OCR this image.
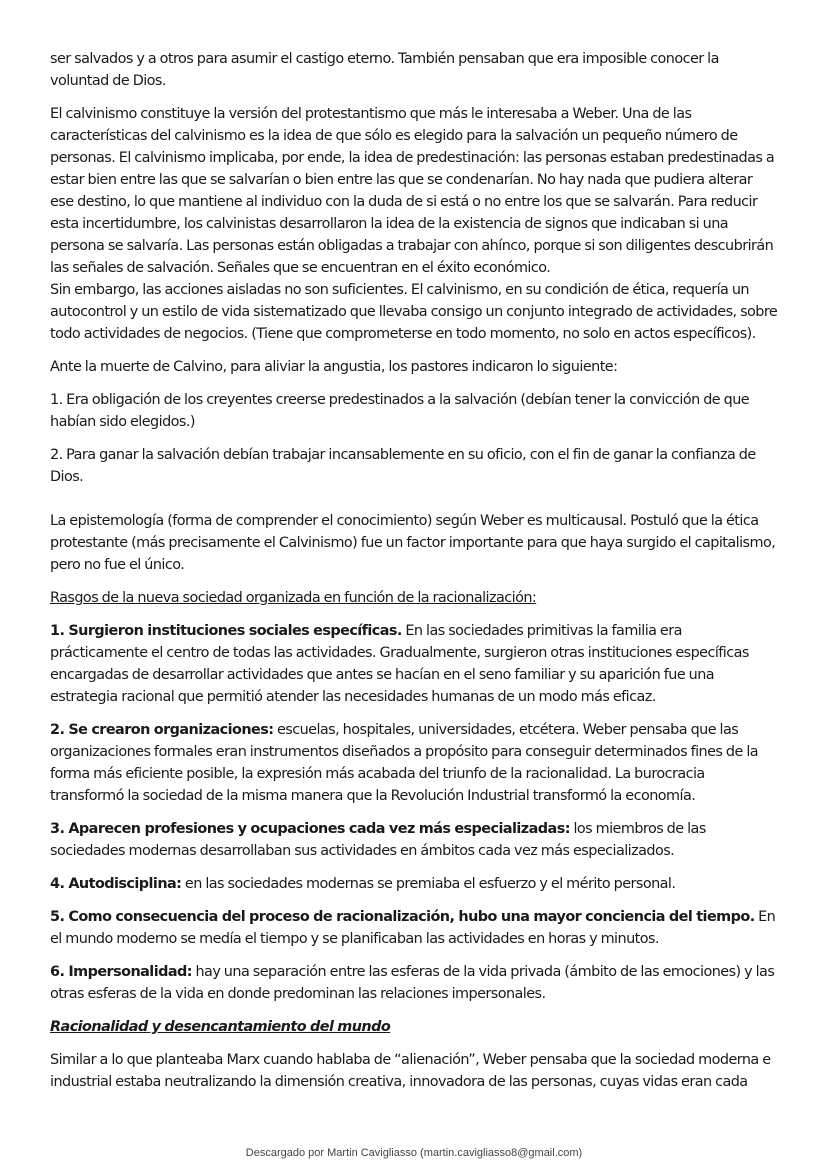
ser salvados y a otros para asumir el castigo eterno. También pensaban que era imposible conocer la voluntad de Dios.

El calvinismo constituye la versión del protestantismo que más le interesaba a Weber. Una de las características del calvinismo es la idea de que sólo es elegido para la salvación un pequeño número de personas. El calvinismo implicaba, por ende, la idea de predestinación: las personas estaban predestinadas a estar bien entre las que se salvarían o bien entre las que se condenarían. No hay nada que pudiera alterar ese destino, lo que mantiene al individuo con la duda de si está o no entre los que se salvarán. Para reducir esta incertidumbre, los calvinistas desarrollaron la idea de la existencia de signos que indicaban si una persona se salvaría. Las personas están obligadas a trabajar con ahínco, porque si son diligentes descubrirán las señales de salvación. Señales que se encuentran en el éxito económico.

Sin embargo, las acciones aisladas no son suficientes. El calvinismo, en su condición de ética, requería un autocontrol y un estilo de vida sistematizado que llevaba consigo un conjunto integrado de actividades, sobre todo actividades de negocios. (Tiene que comprometerse en todo momento, no solo en actos específicos).

Ante la muerte de Calvino, para aliviar la angustia, los pastores indicaron lo siguiente:

1. Era obligación de los creyentes creerse predestinados a la salvación (debían tener la convicción de que habían sido elegidos.)

2. Para ganar la salvación debían trabajar incansablemente en su oficio, con el fin de ganar la confianza de Dios.

La epistemología (forma de comprender el conocimiento) según Weber es multicausal. Postuló que la ética protestante (más precisamente el Calvinismo) fue un factor importante para que haya surgido el capitalismo, pero no fue el único.

Rasgos de la nueva sociedad organizada en función de la racionalización:

1. Surgieron instituciones sociales específicas. En las sociedades primitivas la familia era prácticamente el centro de todas las actividades. Gradualmente, surgieron otras instituciones específicas encargadas de desarrollar actividades que antes se hacían en el seno familiar y su aparición fue una estrategia racional que permitió atender las necesidades humanas de un modo más eficaz.

2. Se crearon organizaciones: escuelas, hospitales, universidades, etcétera. Weber pensaba que las organizaciones formales eran instrumentos diseñados a propósito para conseguir determinados fines de la forma más eficiente posible, la expresión más acabada del triunfo de la racionalidad. La burocracia transformó la sociedad de la misma manera que la Revolución Industrial transformó la economía.

3. Aparecen profesiones y ocupaciones cada vez más especializadas: los miembros de las sociedades modernas desarrollaban sus actividades en ámbitos cada vez más especializados.

4. Autodisciplina: en las sociedades modernas se premiaba el esfuerzo y el mérito personal.

5. Como consecuencia del proceso de racionalización, hubo una mayor conciencia del tiempo. En el mundo moderno se medía el tiempo y se planificaban las actividades en horas y minutos.

6. Impersonalidad: hay una separación entre las esferas de la vida privada (ámbito de las emociones) y las otras esferas de la vida en donde predominan las relaciones impersonales.

Racionalidad y desencantamiento del mundo

Similar a lo que planteaba Marx cuando hablaba de “alienación”, Weber pensaba que la sociedad moderna e industrial estaba neutralizando la dimensión creativa, innovadora de las personas, cuyas vidas eran cada

Descargado por Martin Cavigliasso (martin.cavigliasso8@gmail.com)
